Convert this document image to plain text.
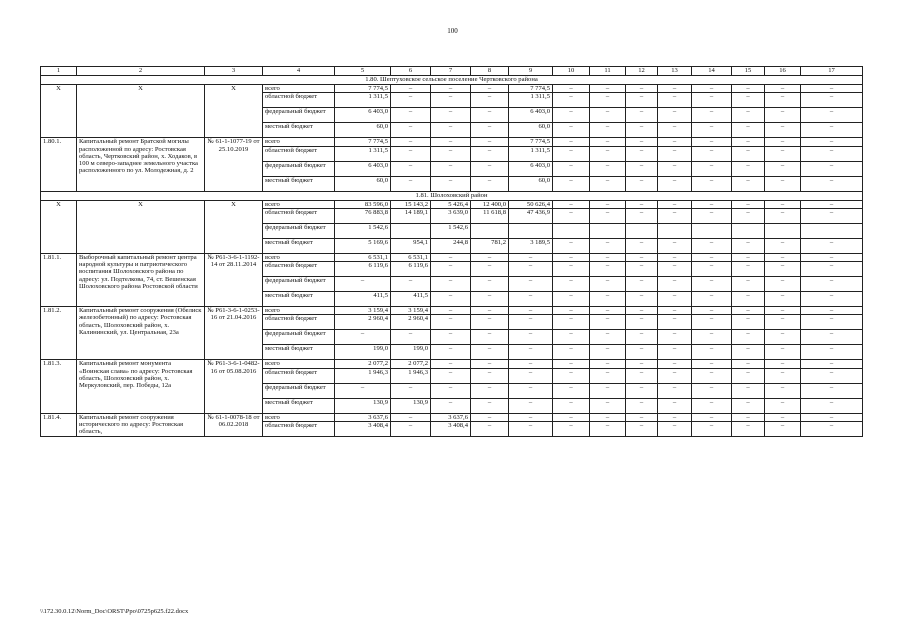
100
1	2	3	4	5	6	7	8	9	10	11	12	13	14	15	16	17
1.80. Шептуховское сельское поселение Чертковского района																
Х	Х	Х	всего	7 774,5	–	–	–	7 774,5	–	–	–	–	–	–	–	–
			областной бюджет	1 311,5	–	–	–	1 311,5	–	–	–	–	–	–	–	–
			федеральный бюджет	6 403,0	–	–	–	6 403,0	–	–	–	–	–	–	–	–
			местный бюджет	60,0	–	–	–	60,0	–	–	–	–	–	–	–	–
1.80.1.	Капитальный ремонт Братской могилы расположенной по адресу: Ростовская область, Чертковский район, х. Ходаков, в 100 м северо-западнее земельного участка расположенного по ул. Молодежная, д. 2	№ 61-1-1077-19 от 25.10.2019	всего	7 774,5	–	–	–	7 774,5	–	–	–	–	–	–	–	–
			областной бюджет	1 311,5	–	–	–	1 311,5	–	–	–	–	–	–	–	–
			федеральный бюджет	6 403,0	–	–	–	6 403,0	–	–	–	–	–	–	–	–
			местный бюджет	60,0	–	–	–	60,0	–	–	–	–	–	–	–	–
1.81. Шолоховский район																
Х	Х	Х	всего	83 596,0	15 143,2	5 426,4	12 400,0	50 626,4	–	–	–	–	–	–	–	–
			областной бюджет	76 883,8	14 189,1	3 639,0	11 618,8	47 436,9	–	–	–	–	–	–	–	–
			федеральный бюджет	1 542,6		1 542,6										
			местный бюджет	5 169,6	954,1	244,8	781,2	3 189,5	–	–	–	–	–	–	–	–
1.81.1.	Выборочный капитальный ремонт центра народной культуры и патриотического воспитания Шолоховского района по адресу: ул. Подтелкова, 74, ст. Вешенская Шолоховского района Ростовской области	№ Р61-3-6-1-1192-14 от 28.11.2014	всего	6 531,1	6 531,1	–	–	–	–	–	–	–	–	–	–	–
			областной бюджет	6 119,6	6 119,6	–	–	–	–	–	–	–	–	–	–	–
			федеральный бюджет	–	–	–	–	–	–	–	–	–	–	–	–	–
			местный бюджет	411,5	411,5	–	–	–	–	–	–	–	–	–	–	–
1.81.2.	Капитальный ремонт сооружения (Обелиск железобетонный) по адресу: Ростовская область, Шолоховский район, х. Калининский, ул. Центральная, 23а	№ Р61-3-6-1-0253-16 от 21.04.2016	всего	3 159,4	3 159,4	–	–	–	–	–	–	–	–	–	–	–
			областной бюджет	2 960,4	2 960,4	–	–	–	–	–	–	–	–	–	–	–
			федеральный бюджет	–	–	–	–	–	–	–	–	–	–	–	–	–
			местный бюджет	199,0	199,0	–	–	–	–	–	–	–	–	–	–	–
1.81.3.	Капитальный ремонт монумента «Воинская слава» по адресу: Ростовская область, Шолоховский район, х. Меркуловский, пер. Победы, 12а	№ Р61-3-6-1-0482-16 от 05.08.2016	всего	2 077,2	2 077,2	–	–	–	–	–	–	–	–	–	–	–
			областной бюджет	1 946,3	1 946,3	–	–	–	–	–	–	–	–	–	–	–
			федеральный бюджет	–	–	–	–	–	–	–	–	–	–	–	–	–
			местный бюджет	130,9	130,9	–	–	–	–	–	–	–	–	–	–	–
1.81.4.	Капитальный ремонт сооружения исторического по адресу: Ростовская область,	№ 61-1-0078-18 от 06.02.2018	всего	3 637,6	–	3 637,6	–	–	–	–	–	–	–	–	–	–
			областной бюджет	3 408,4	–	3 408,4	–	–	–	–	–	–	–	–	–	–
\\172.30.0.12\Norm_Doc\ORST\Ppo\0725p625.f22.docx
